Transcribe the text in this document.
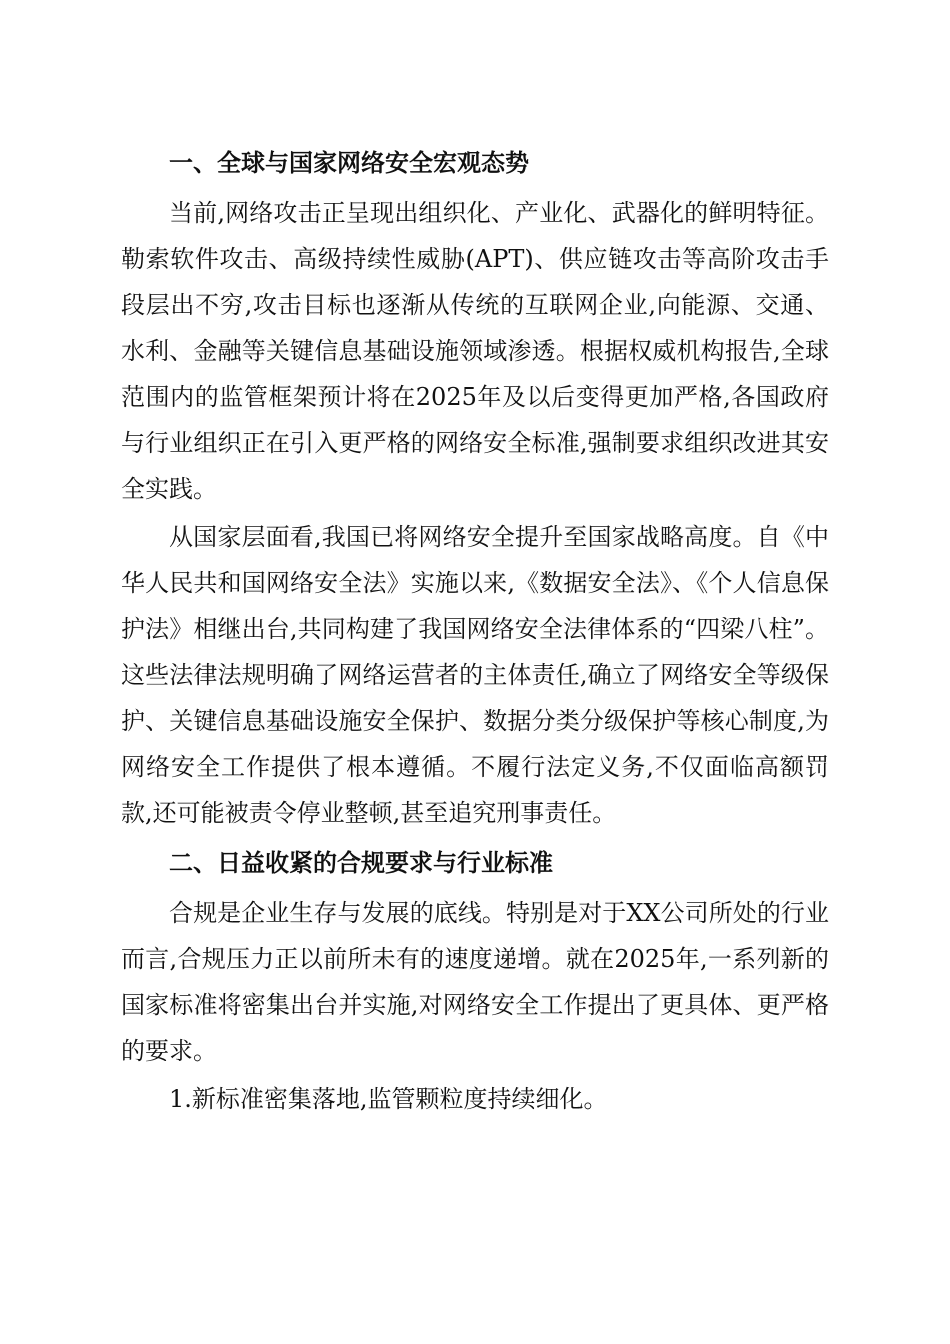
一、全球与国家网络安全宏观态势

当前,网络攻击正呈现出组织化、产业化、武器化的鲜明特征。勒索软件攻击、高级持续性威胁(APT)、供应链攻击等高阶攻击手段层出不穷,攻击目标也逐渐从传统的互联网企业,向能源、交通、水利、金融等关键信息基础设施领域渗透。根据权威机构报告,全球范围内的监管框架预计将在2025年及以后变得更加严格,各国政府与行业组织正在引入更严格的网络安全标准,强制要求组织改进其安全实践。

从国家层面看,我国已将网络安全提升至国家战略高度。自《中华人民共和国网络安全法》实施以来,《数据安全法》、《个人信息保护法》相继出台,共同构建了我国网络安全法律体系的“四梁八柱”。这些法律法规明确了网络运营者的主体责任,确立了网络安全等级保护、关键信息基础设施安全保护、数据分类分级保护等核心制度,为网络安全工作提供了根本遵循。不履行法定义务,不仅面临高额罚款,还可能被责令停业整顿,甚至追究刑事责任。

二、日益收紧的合规要求与行业标准

合规是企业生存与发展的底线。特别是对于XX公司所处的行业而言,合规压力正以前所未有的速度递增。就在2025年,一系列新的国家标准将密集出台并实施,对网络安全工作提出了更具体、更严格的要求。

1.新标准密集落地,监管颗粒度持续细化。
